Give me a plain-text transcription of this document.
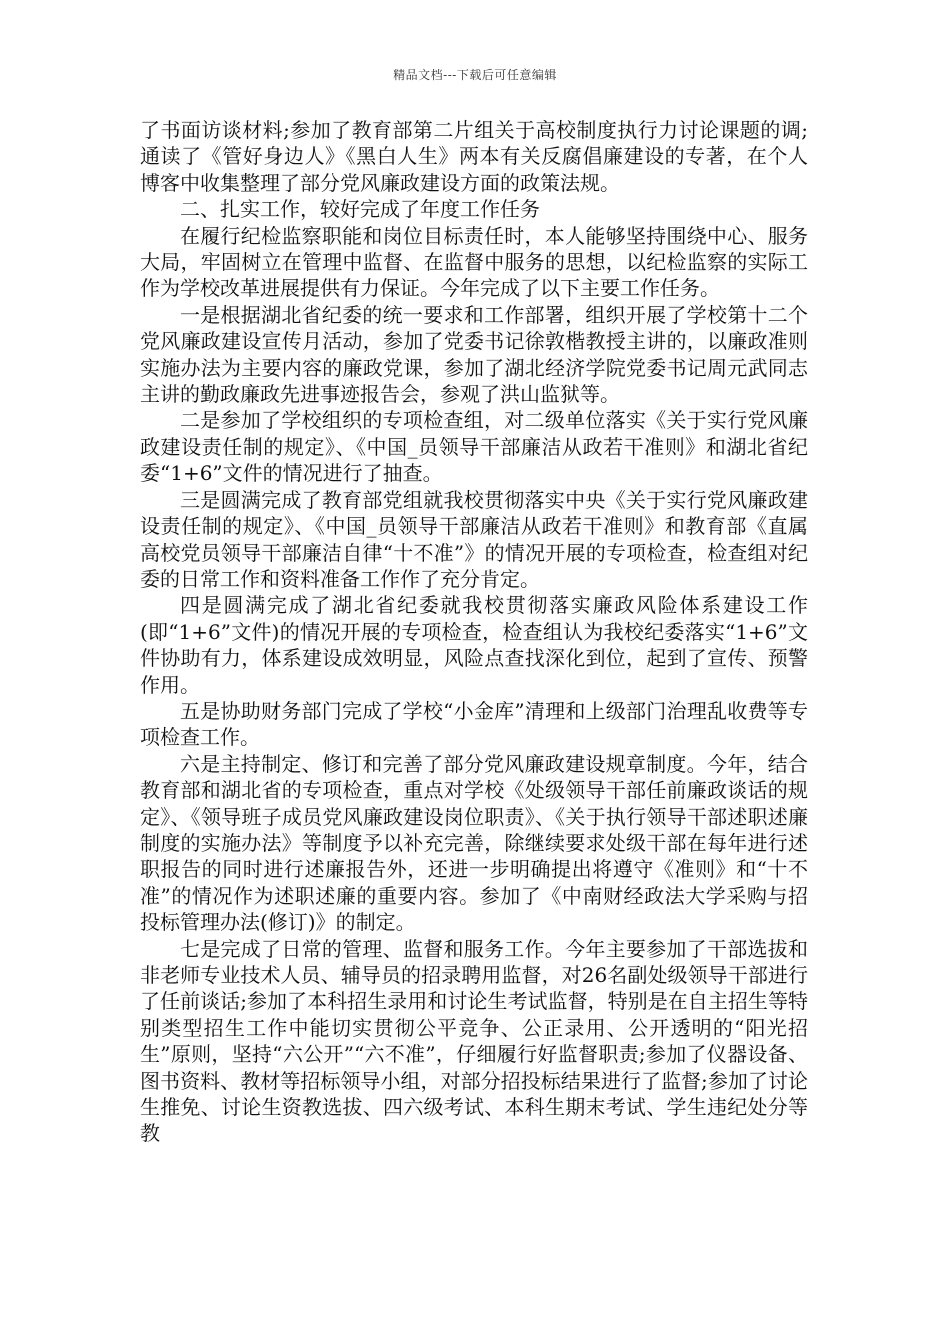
精品文档---下载后可任意编辑

了书面访谈材料;参加了教育部第二片组关于高校制度执行力讨论课题的调;通读了《管好身边人》《黑白人生》两本有关反腐倡廉建设的专著，在个人博客中收集整理了部分党风廉政建设方面的政策法规。

二、扎实工作，较好完成了年度工作任务

在履行纪检监察职能和岗位目标责任时，本人能够坚持围绕中心、服务大局，牢固树立在管理中监督、在监督中服务的思想，以纪检监察的实际工作为学校改革进展提供有力保证。今年完成了以下主要工作任务。

一是根据湖北省纪委的统一要求和工作部署，组织开展了学校第十二个党风廉政建设宣传月活动，参加了党委书记徐敦楷教授主讲的，以廉政准则实施办法为主要内容的廉政党课，参加了湖北经济学院党委书记周元武同志主讲的勤政廉政先进事迹报告会，参观了洪山监狱等。

二是参加了学校组织的专项检查组，对二级单位落实《关于实行党风廉政建设责任制的规定》、《中国_员领导干部廉洁从政若干准则》和湖北省纪委“1+6”文件的情况进行了抽查。

三是圆满完成了教育部党组就我校贯彻落实中央《关于实行党风廉政建设责任制的规定》、《中国_员领导干部廉洁从政若干准则》和教育部《直属高校党员领导干部廉洁自律“十不准”》的情况开展的专项检查，检查组对纪委的日常工作和资料准备工作作了充分肯定。

四是圆满完成了湖北省纪委就我校贯彻落实廉政风险体系建设工作(即“1+6”文件)的情况开展的专项检查，检查组认为我校纪委落实“1+6”文件协助有力，体系建设成效明显，风险点查找深化到位，起到了宣传、预警作用。

五是协助财务部门完成了学校“小金库”清理和上级部门治理乱收费等专项检查工作。

六是主持制定、修订和完善了部分党风廉政建设规章制度。今年，结合教育部和湖北省的专项检查，重点对学校《处级领导干部任前廉政谈话的规定》、《领导班子成员党风廉政建设岗位职责》、《关于执行领导干部述职述廉制度的实施办法》等制度予以补充完善，除继续要求处级干部在每年进行述职报告的同时进行述廉报告外，还进一步明确提出将遵守《准则》和“十不准”的情况作为述职述廉的重要内容。参加了《中南财经政法大学采购与招投标管理办法(修订)》的制定。

七是完成了日常的管理、监督和服务工作。今年主要参加了干部选拔和非老师专业技术人员、辅导员的招录聘用监督，对26名副处级领导干部进行了任前谈话;参加了本科招生录用和讨论生考试监督，特别是在自主招生等特别类型招生工作中能切实贯彻公平竞争、公正录用、公开透明的“阳光招生”原则，坚持“六公开”“六不准”，仔细履行好监督职责;参加了仪器设备、图书资料、教材等招标领导小组，对部分招投标结果进行了监督;参加了讨论生推免、讨论生资教选拔、四六级考试、本科生期末考试、学生违纪处分等教
